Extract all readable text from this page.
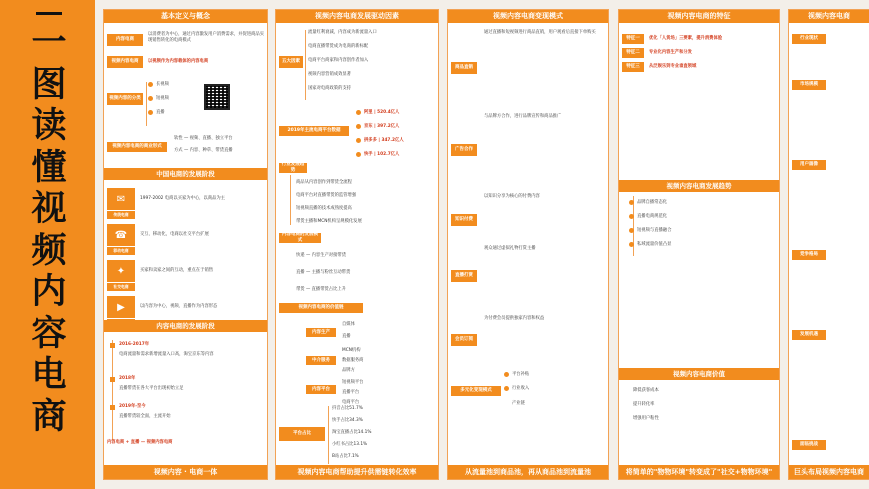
一
图
读
懂
视
频
内
容
电
商
基本定义与概念
内容电商
以消费者为中心，通过内容激发用户消费需求，并促进商品实现销售转化的电商模式
视频内容电商	以视频作为内容载体的内容电商
视频内容的分类
长视频
短视频
直播
视频内容电商的商业形式
软性 — 视频、直播、独立平台
方式 — 内容、种草、带货直播
中国电商的发展阶段
✉
传统电商
1997-2002 电商以买家为中心，以商品为主
☎
移动电商
交互、移动化，电商以社交平台扩展
✦
社交电商
买家和卖家之间的互动，重点在于销售
▶	以内容为中心，视频、直播作为内容形态
内容电商的发展阶段
2016-2017年
电商流量和需求新增流量入口高，淘宝京东等内容
2018年
直播带货在各大平台出现初始立足
2019年-至今
直播带货较全面，主流开始
内容电商 + 直播 — 视频内容电商
视频内容 · 电商一体
视频内容电商发展驱动因素
五大因素
流量红利衰减，内容成为新流量入口
电商直播带货成为电商的新标配
电商平台商家和内容创作者加入
视频内容营销成效显著
国家对电商政策的支持
2019年主流电商平台数据
阿里 | 520.4亿人
京东 | 397.2亿人
拼多多 | 347.2亿人
快手 | 102.7亿人
行业发展趋势
商品从内容创作到带货全流程
电商平台对直播带货的监管增强
短视频直播的技术成熟度提高
带货主播和MCN机构呈规模化发展
内容电商的发展模式
快递 — 内容生产对接带货
直播 — 主播与粉丝互动带货
带货 — 直播带货占比上升
视频内容电商的价值链
内容生产
自媒体
直播
中介服务
MCN机构
数据服务商
品牌方
内容平台
短视频平台
直播平台
电商平台
平台占比
抖音占比51.7%
快手占比34.3%
淘宝直播占比14.1%
小红书占比13.1%
B站占比7.1%
视频内容电商帮助提升供需链转化效率
视频内容电商变现模式
商品直销
通过直播和短视频进行商品直销，用户观看后直接下单购买
广告合作
与品牌方合作，进行品牌宣传和商品推广
知识付费
以知识分享为核心的付费内容
直播打赏
观众通过虚拟礼物打赏主播
会员订阅
为付费会员提供独家内容和权益
多元化变现模式
平台补贴
行业收入
产业链
从流量池到商品池，再从商品池到流量池
视频内容电商的特征
特征一	优化「人货场」三要素，提升消费体验
特征二	专业化内容生产和分发
特征三	从泛娱乐到专业垂直领域
视频内容电商发展趋势
品牌自播常态化
直播电商规范化
短视频与直播融合
私域流量价值凸显
视频内容电商价值
降低获客成本
提升转化率
增强用户粘性
将简单的"物物环境"转变成了"社交+物物环境"
视频内容电商
行业现状
市场规模
用户画像
竞争格局
发展机遇
面临挑战
巨头布局视频内容电商
